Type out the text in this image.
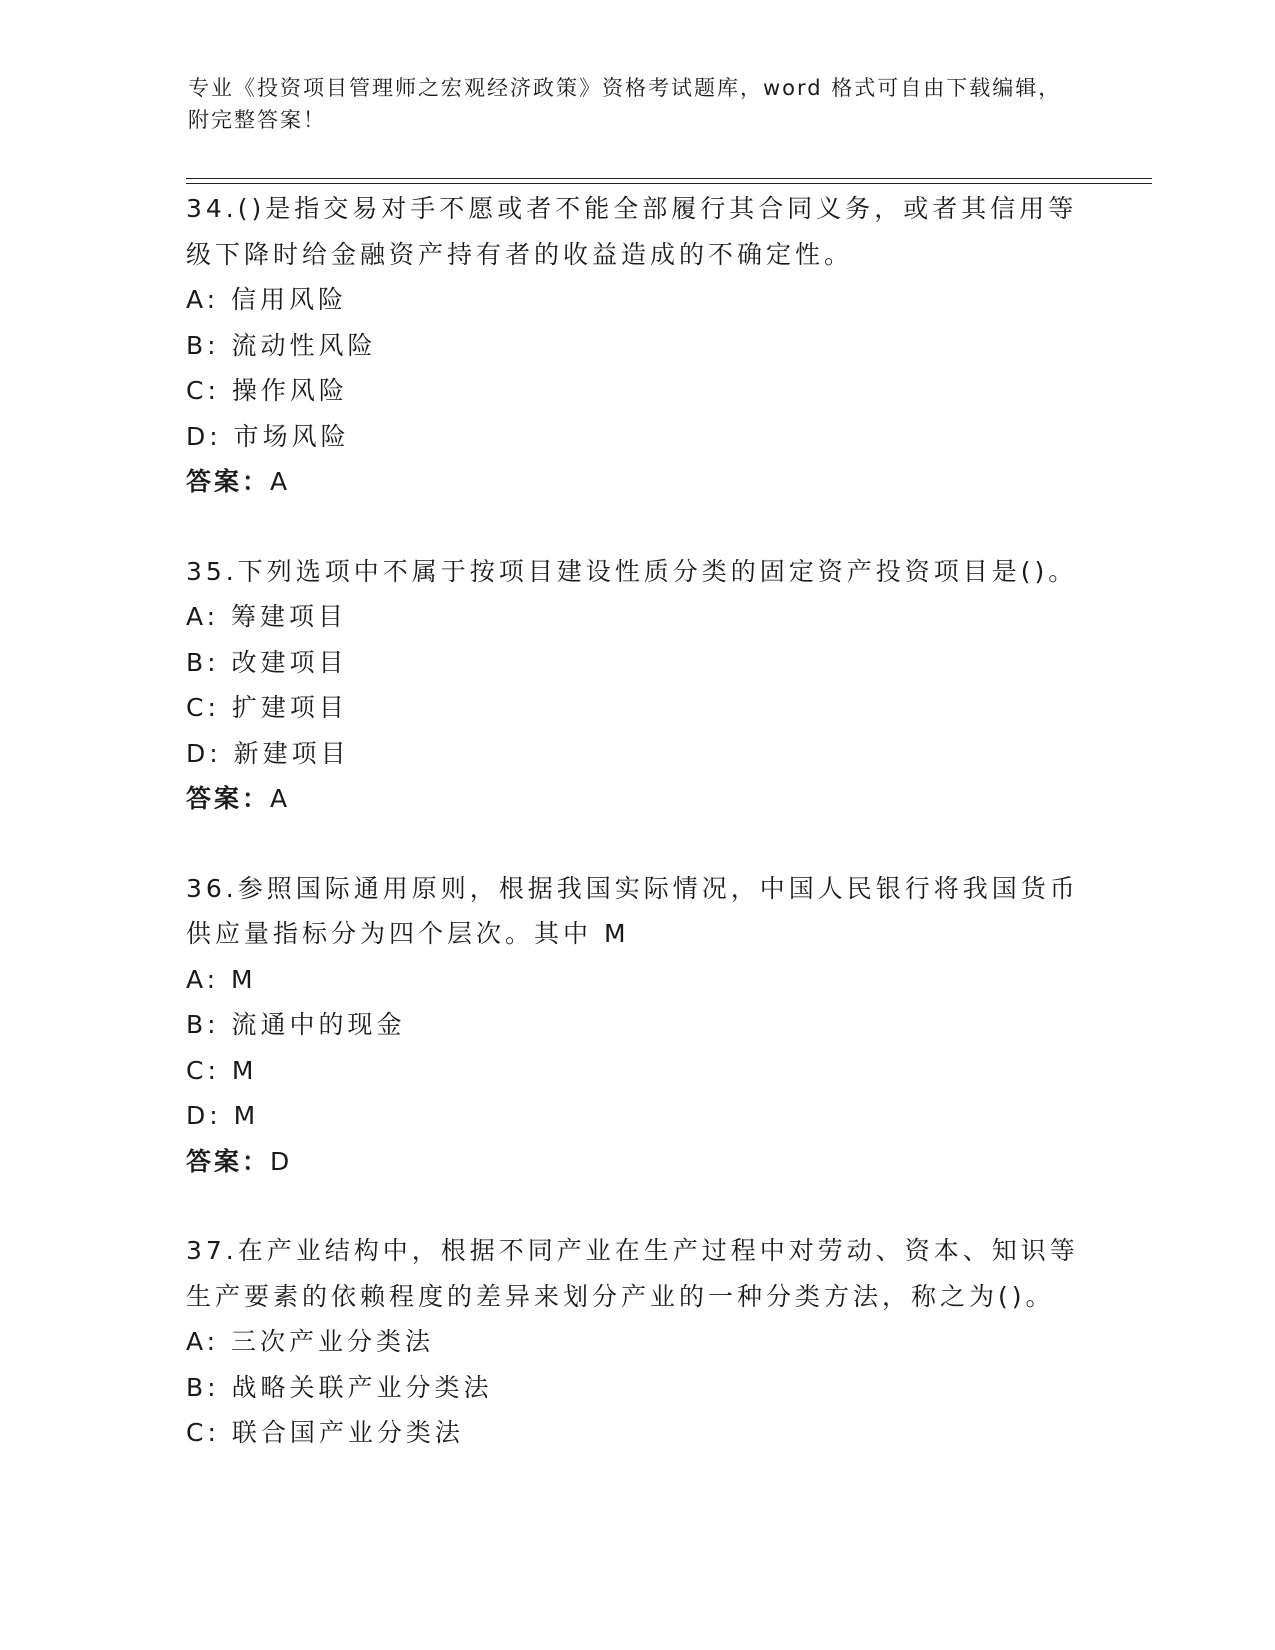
专业《投资项目管理师之宏观经济政策》资格考试题库，word 格式可自由下载编辑，附完整答案！

34.()是指交易对手不愿或者不能全部履行其合同义务，或者其信用等级下降时给金融资产持有者的收益造成的不确定性。

A: 信用风险

B: 流动性风险

C: 操作风险

D: 市场风险

答案：A

35.下列选项中不属于按项目建设性质分类的固定资产投资项目是()。

A: 筹建项目

B: 改建项目

C: 扩建项目

D: 新建项目

答案：A

36.参照国际通用原则，根据我国实际情况，中国人民银行将我国货币供应量指标分为四个层次。其中 M

A: M

B: 流通中的现金

C: M

D: M

答案：D

37.在产业结构中，根据不同产业在生产过程中对劳动、资本、知识等生产要素的依赖程度的差异来划分产业的一种分类方法，称之为()。

A: 三次产业分类法

B: 战略关联产业分类法

C: 联合国产业分类法
